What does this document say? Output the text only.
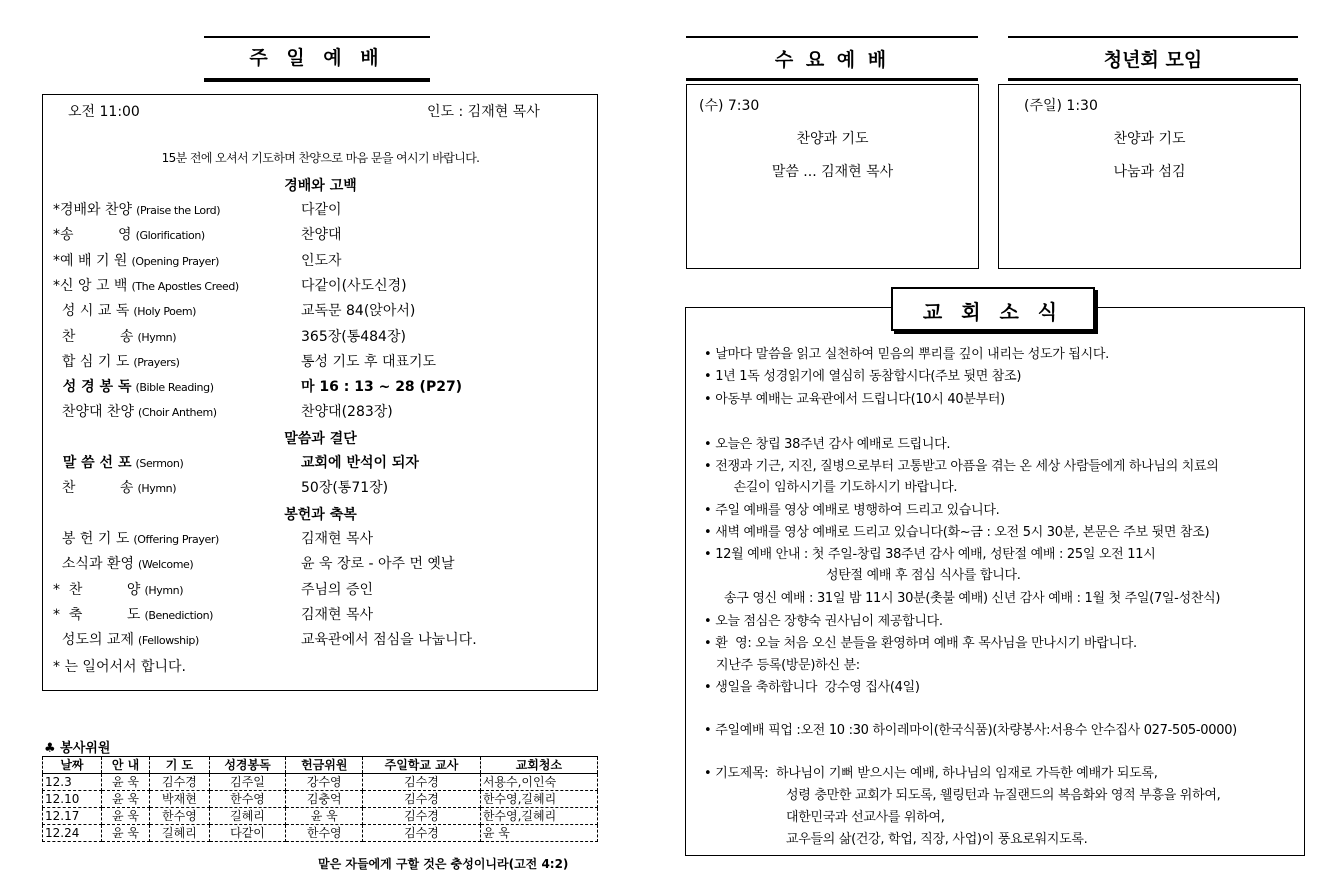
주 일 예 배
오전 11:00	인도 : 김재현 목사
15분 전에 오셔서 기도하며 찬양으로 마음 문을 여시기 바랍니다.
경배와 고백
*경배와 찬양 (Praise the Lord)	다같이
*송          영 (Glorification)	찬양대
*예 배 기 원 (Opening Prayer)	인도자
*신 앙 고 백 (The Apostles Creed)	다같이(사도신경)
성 시 교 독 (Holy Poem)	교독문 84(앉아서)
찬          송 (Hymn)	365장(통484장)
합 심 기 도 (Prayers)	통성 기도 후 대표기도
성 경 봉 독 (Bible Reading)	마 16 : 13 ~ 28 (P27)
찬양대 찬양 (Choir Anthem)	찬양대(283장)
말씀과 결단
말 씀 선 포 (Sermon)	교회에 반석이 되자
찬          송 (Hymn)	50장(통71장)
봉헌과 축복
봉 헌 기 도 (Offering Prayer)	김재현 목사
소식과 환영 (Welcome)	윤 욱 장로 - 아주 먼 옛날
*  찬          양 (Hymn)	주님의 증인
*  축          도 (Benediction)	김재현 목사
성도의 교제 (Fellowship)	교육관에서 점심을 나눕니다.
* 는 일어서서 합니다.
♣ 봉사위원
날짜	안 내	기 도	성경봉독	헌금위원	주일학교 교사	교회청소
12.3	윤 욱	김수경	김주일	강수영	김수경	서용수,이인숙
12.10	윤 욱	박재현	한수영	김충억	김수경	한수영,길혜리
12.17	윤 욱	한수영	길혜리	윤 욱	김수경	한수영,길혜리
12.24	윤 욱	길혜리	다같이	한수영	김수경	윤 욱
맡은 자들에게 구할 것은 충성이니라(고전 4:2)
수 요 예 배
(수) 7:30
찬양과 기도
말씀 ... 김재현 목사
청년회 모임
(주일) 1:30
찬양과 기도
나눔과 섬김
• 날마다 말씀을 읽고 실천하여 믿음의 뿌리를 깊이 내리는 성도가 됩시다.
• 1년 1독 성경읽기에 열심히 동참합시다(주보 뒷면 참조)
• 아동부 예배는 교육관에서 드립니다(10시 40분부터)
• 오늘은 창립 38주년 감사 예배로 드립니다.
• 전쟁과 기근, 지진, 질병으로부터 고통받고 아픔을 겪는 온 세상 사람들에게 하나님의 치료의
손길이 임하시기를 기도하시기 바랍니다.
• 주일 예배를 영상 예배로 병행하여 드리고 있습니다.
• 새벽 예배를 영상 예배로 드리고 있습니다(화~금 : 오전 5시 30분, 본문은 주보 뒷면 참조)
• 12월 예배 안내 : 첫 주일-창립 38주년 감사 예배, 성탄절 예배 : 25일 오전 11시
성탄절 예배 후 점심 식사를 합니다.
송구 영신 예배 : 31일 밤 11시 30분(촛불 예배) 신년 감사 예배 : 1월 첫 주일(7일-성찬식)
• 오늘 점심은 장향숙 권사님이 제공합니다.
• 환  영: 오늘 처음 오신 분들을 환영하며 예배 후 목사님을 만나시기 바랍니다.
지난주 등록(방문)하신 분:
• 생일을 축하합니다  강수영 집사(4일)
• 주일예배 픽업 :오전 10 :30 하이레마이(한국식품)(차량봉사:서용수 안수집사 027-505-0000)
• 기도제목:  하나님이 기뻐 받으시는 예배, 하나님의 임재로 가득한 예배가 되도록,
성령 충만한 교회가 되도록, 웰링턴과 뉴질랜드의 복음화와 영적 부흥을 위하여,
대한민국과 선교사를 위하여,
교우들의 삶(건강, 학업, 직장, 사업)이 풍요로워지도록.
교 회 소 식
